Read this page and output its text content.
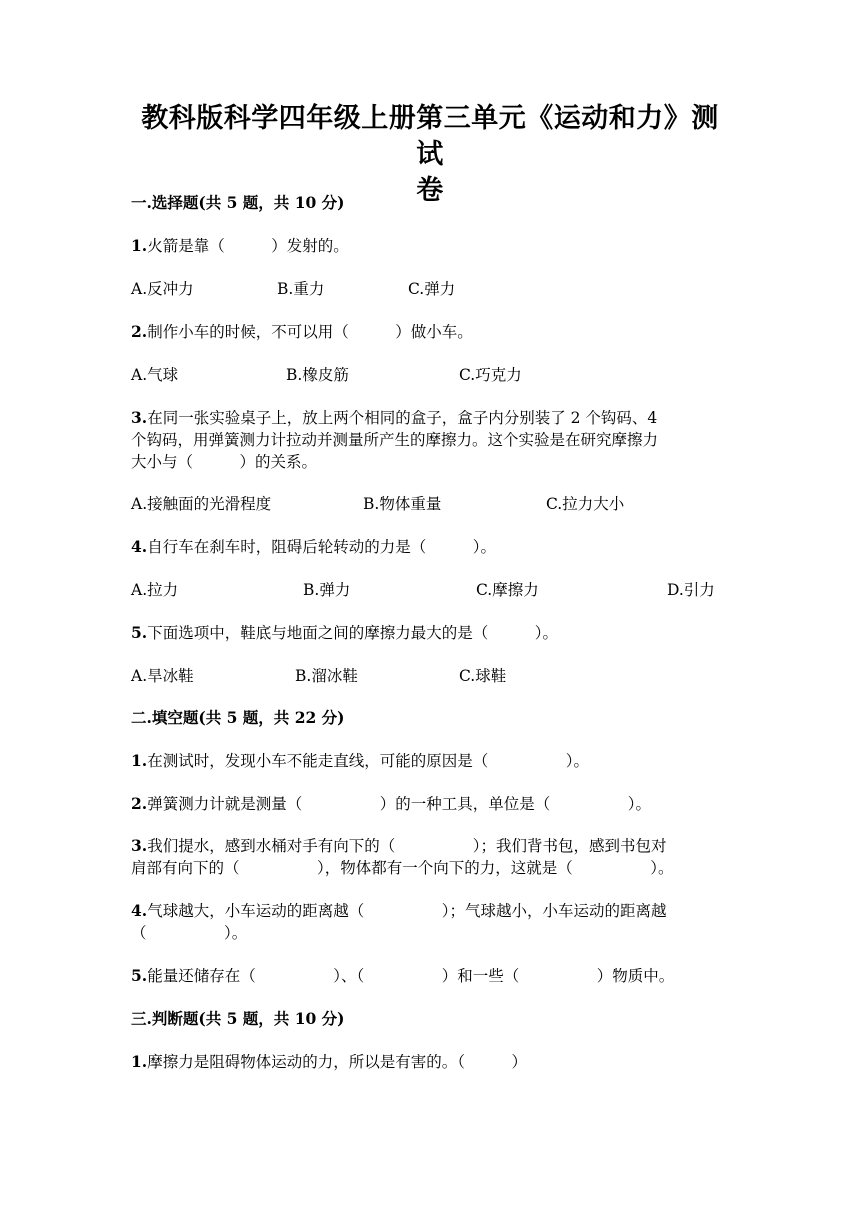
教科版科学四年级上册第三单元《运动和力》测试
卷
一.选择题(共 5 题，共 10 分)
1.火箭是靠（　　　）发射的。
A.反冲力	B.重力	C.弹力
2.制作小车的时候，不可以用（　　　）做小车。
A.气球	B.橡皮筋	C.巧克力
3.在同一张实验桌子上，放上两个相同的盒子，盒子内分别装了 2 个钩码、4
个钩码，用弹簧测力计拉动并测量所产生的摩擦力。这个实验是在研究摩擦力
大小与（　　　）的关系。
A.接触面的光滑程度	B.物体重量	C.拉力大小
4.自行车在刹车时，阻碍后轮转动的力是（　　　）。
A.拉力	B.弹力	C.摩擦力	D.引力
5.下面选项中，鞋底与地面之间的摩擦力最大的是（　　　）。
A.旱冰鞋	B.溜冰鞋	C.球鞋
二.填空题(共 5 题，共 22 分)
1.在测试时，发现小车不能走直线，可能的原因是（　　　　　）。
2.弹簧测力计就是测量（　　　　　）的一种工具，单位是（　　　　　）。
3.我们提水，感到水桶对手有向下的（　　　　　）；我们背书包，感到书包对
肩部有向下的（　　　　　），物体都有一个向下的力，这就是（　　　　　）。
4.气球越大，小车运动的距离越（　　　　　）；气球越小，小车运动的距离越
（　　　　　）。
5.能量还储存在（　　　　　）、（　　　　　）和一些（　　　　　）物质中。
三.判断题(共 5 题，共 10 分)
1.摩擦力是阻碍物体运动的力，所以是有害的。（　　　）
